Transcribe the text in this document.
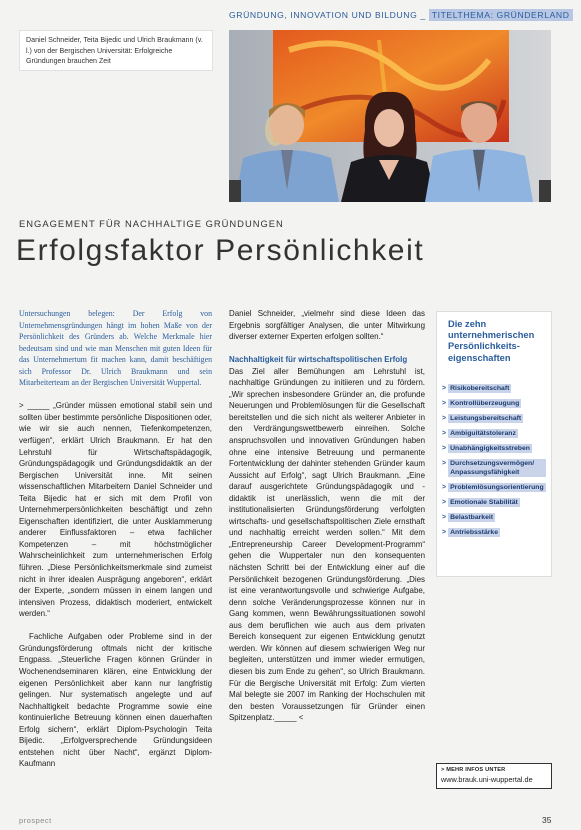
GRÜNDUNG, INNOVATION UND BILDUNG _ TITELTHEMA: GRÜNDERLAND
Daniel Schneider, Teita Bijedic und Ulrich Braukmann (v. l.) von der Bergischen Universität: Erfolgreiche Gründungen brauchen Zeit
ENGAGEMENT FÜR NACHHALTIGE GRÜNDUNGEN
Erfolgsfaktor Persönlichkeit

Untersuchungen belegen: Der Erfolg von Unternehmensgründungen hängt im hohen Maße von der Persönlichkeit des Gründers ab. Welche Merkmale hier bedeutsam sind und wie man Menschen mit guten Ideen für das Unternehmertum fit machen kann, damit beschäftigen sich Professor Dr. Ulrich Braukmann und sein Mitarbeiterteam an der Bergischen Universität Wuppertal.

> _____ „Gründer müssen emotional stabil sein und sollten über bestimmte persönliche Dispositionen oder, wie wir sie auch nennen, Tiefenkompetenzen, verfügen“, erklärt Ulrich Braukmann. Er hat den Lehrstuhl für Wirtschaftspädagogik, Gründungspädagogik und Gründungsdidaktik an der Bergischen Universität inne. Mit seinen wissenschaftlichen Mitarbeitern Daniel Schneider und Teita Bijedic hat er sich mit dem Profil von Unternehmerpersönlichkeiten beschäftigt und zehn Eigenschaften identifiziert, die unter Ausklammerung anderer Einflussfaktoren – etwa fachlicher Kompetenzen – mit höchstmöglicher Wahrscheinlichkeit zum unternehmerischen Erfolg führen. „Diese Persönlichkeitsmerkmale sind zumeist nicht in ihrer idealen Ausprägung angeboren“, erklärt der Experte, „sondern müssen in einem langen und intensiven Prozess, didaktisch moderiert, entwickelt werden.“

Fachliche Aufgaben oder Probleme sind in der Gründungsförderung oftmals nicht der kritische Engpass. „Steuerliche Fragen können Gründer in Wochenendseminaren klären, eine Entwicklung der eigenen Persönlichkeit aber kann nur langfristig gelingen. Nur systematisch angelegte und auf Nachhaltigkeit bedachte Programme sowie eine kontinuierliche Betreuung können einen dauerhaften Erfolg sichern“, erklärt Diplom-Psychologin Teita Bijedic. „Erfolgversprechende Gründungsideen entstehen nicht über Nacht“, ergänzt Diplom-Kaufmann

Daniel Schneider, „vielmehr sind diese Ideen das Ergebnis sorgfältiger Analysen, die unter Mitwirkung diverser externer Experten erfolgen sollten.“

Nachhaltigkeit für wirtschaftspolitischen Erfolg

Das Ziel aller Bemühungen am Lehrstuhl ist, nachhaltige Gründungen zu initiieren und zu fördern. „Wir sprechen insbesondere Gründer an, die profunde Neuerungen und Problemlösungen für die Gesellschaft bereitstellen und die sich nicht als weiterer Anbieter in den Verdrängungswettbewerb einreihen. Solche anspruchsvollen und innovativen Gründungen haben ohne eine intensive Betreuung und permanente Fortentwicklung der dahinter stehenden Gründer kaum Aussicht auf Erfolg“, sagt Ulrich Braukmann. „Eine darauf ausgerichtete Gründungspädagogik und -didaktik ist unerlässlich, wenn die mit der institutionalisierten Gründungsförderung verfolgten wirtschafts- und gesellschaftspolitischen Ziele ernsthaft und nachhaltig erreicht werden sollen.“ Mit dem „Entrepreneurship Career Development-Programm“ gehen die Wuppertaler nun den konsequenten nächsten Schritt bei der Entwicklung einer auf die Persönlichkeit bezogenen Gründungsförderung. „Dies ist eine verantwortungsvolle und schwierige Aufgabe, denn solche Veränderungsprozesse können nur in Gang kommen, wenn Bewährungssituationen sowohl aus dem beruflichen wie auch aus dem privaten Bereich konsequent zur eigenen Entwicklung genutzt werden. Wir können auf diesem schwierigen Weg nur begleiten, unterstützen und immer wieder ermutigen, diesen bis zum Ende zu gehen“, so Ulrich Braukmann. Für die Bergische Universität mit Erfolg: Zum vierten Mal belegte sie 2007 im Ranking der Hochschulen mit den besten Voraussetzungen für Gründer einen Spitzenplatz._____ <

Die zehn unternehmerischen Persönlichkeits-eigenschaften
> Risikobereitschaft
> Kontrollüberzeugung
> Leistungsbereitschaft
> Ambiguitätstoleranz
> Unabhängigkeitsstreben
> Durchsetzungsvermögen/ Anpassungsfähigkeit
> Problemlösungsorientierung
> Emotionale Stabilität
> Belastbarkeit
> Antriebsstärke
> MEHR INFOS UNTER
www.brauk.uni-wuppertal.de
prospect	35
